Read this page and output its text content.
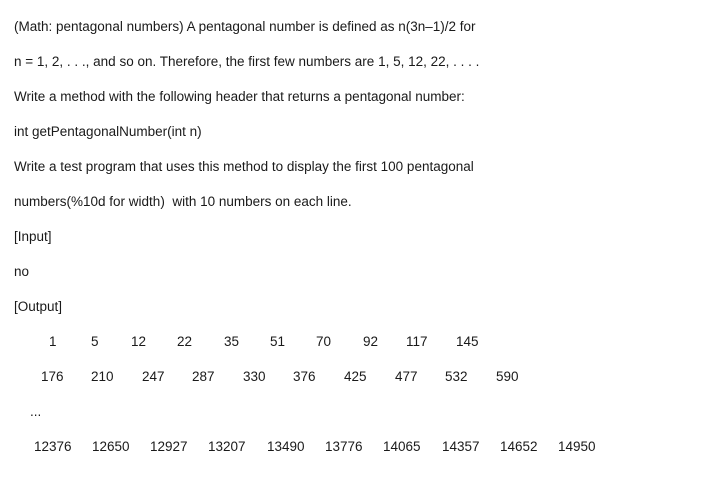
(Math: pentagonal numbers) A pentagonal number is defined as n(3n–1)/2 for
n = 1, 2, . . ., and so on. Therefore, the first few numbers are 1, 5, 12, 22, . . . .
Write a method with the following header that returns a pentagonal number:
int getPentagonalNumber(int n)
Write a test program that uses this method to display the first 100 pentagonal
numbers(%10d for width)  with 10 numbers on each line.
[Input]
no
[Output]
1	5 12 22 35 51 70 92 117 145
176 210 247 287 330 376 425 477 532 590
...
12376 12650 12927 13207 13490 13776 14065 14357 14652 14950
